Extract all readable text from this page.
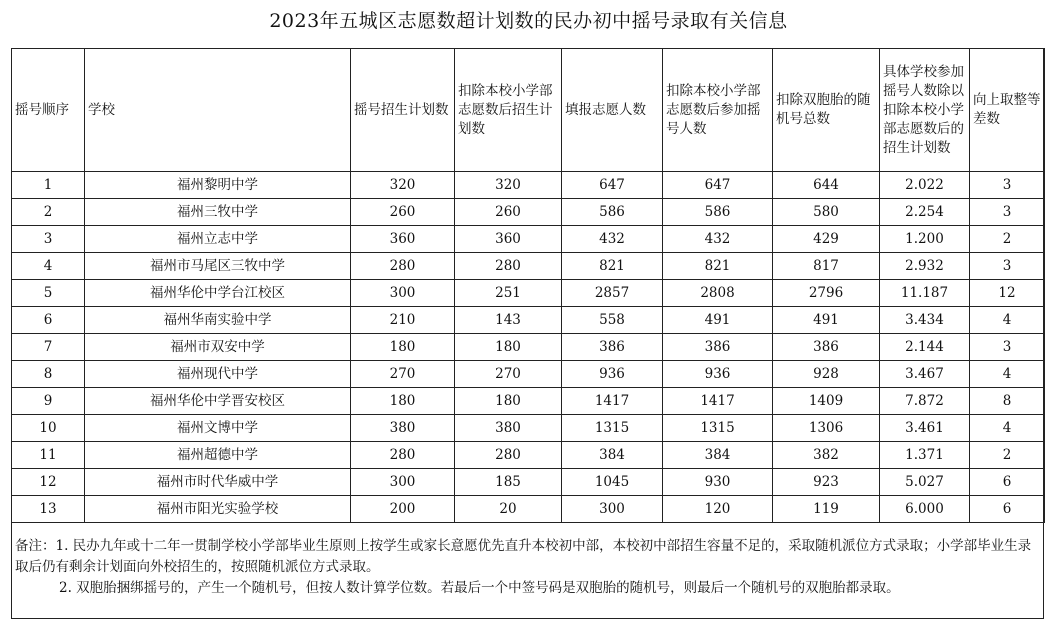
2023年五城区志愿数超计划数的民办初中摇号录取有关信息
摇号顺序	学校	摇号招生计划数	扣除本校小学部志愿数后招生计划数	填报志愿人数	扣除本校小学部志愿数后参加摇号人数	扣除双胞胎的随机号总数	具体学校参加摇号人数除以扣除本校小学部志愿数后的招生计划数	向上取整等差数
1	福州黎明中学	320	320	647	647	644	2.022	3
2	福州三牧中学	260	260	586	586	580	2.254	3
3	福州立志中学	360	360	432	432	429	1.200	2
4	福州市马尾区三牧中学	280	280	821	821	817	2.932	3
5	福州华伦中学台江校区	300	251	2857	2808	2796	11.187	12
6	福州华南实验中学	210	143	558	491	491	3.434	4
7	福州市双安中学	180	180	386	386	386	2.144	3
8	福州现代中学	270	270	936	936	928	3.467	4
9	福州华伦中学晋安校区	180	180	1417	1417	1409	7.872	8
10	福州文博中学	380	380	1315	1315	1306	3.461	4
11	福州超德中学	280	280	384	384	382	1.371	2
12	福州市时代华威中学	300	185	1045	930	923	5.027	6
13	福州市阳光实验学校	200	20	300	120	119	6.000	6

备注：1. 民办九年或十二年一贯制学校小学部毕业生原则上按学生或家长意愿优先直升本校初中部，本校初中部招生容量不足的，采取随机派位方式录取；小学部毕业生录取后仍有剩余计划面向外校招生的，按照随机派位方式录取。

2. 双胞胎捆绑摇号的，产生一个随机号，但按人数计算学位数。若最后一个中签号码是双胞胎的随机号，则最后一个随机号的双胞胎都录取。
